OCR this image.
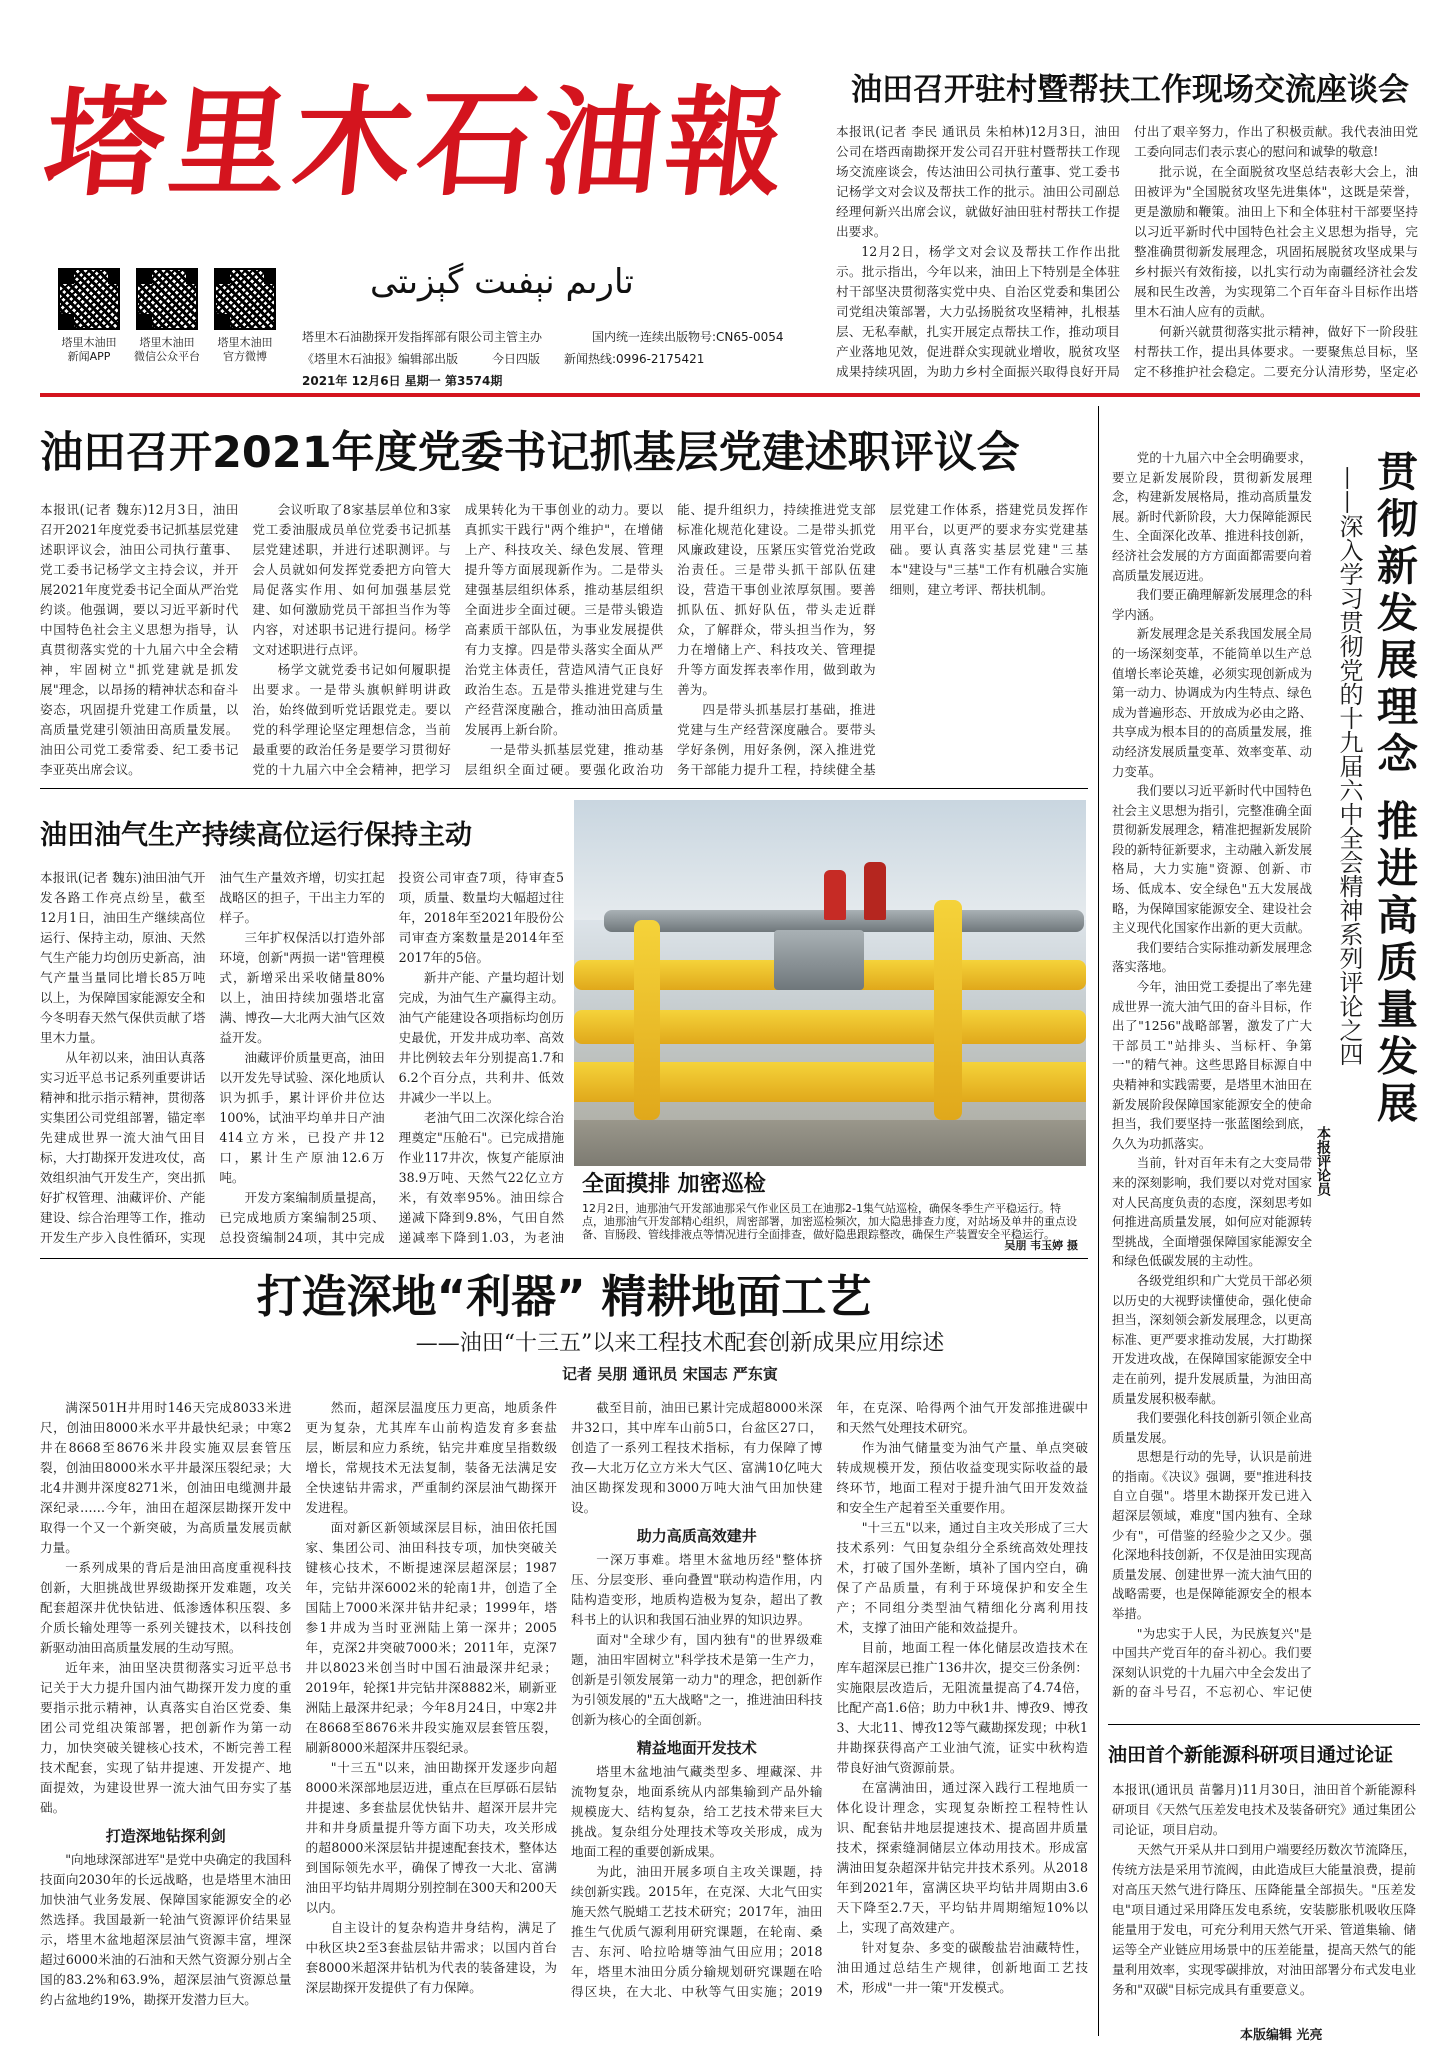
塔里木石油報
تارىم نېفىت گېزىتى
塔里木油田
新闻APP
塔里木油田
微信公众平台
塔里木油田
官方微博
塔里木石油勘探开发指挥部有限公司主管主办	国内统一连续出版物号:CN65-0054
《塔里木石油报》编辑部出版	今日四版 新闻热线:0996-2175421
2021年 12月6日 星期一 第3574期
油田召开驻村暨帮扶工作现场交流座谈会

本报讯(记者 李民 通讯员 朱柏林)12月3日，油田公司在塔西南勘探开发公司召开驻村暨帮扶工作现场交流座谈会，传达油田公司执行董事、党工委书记杨学文对会议及帮扶工作的批示。油田公司副总经理何新兴出席会议，就做好油田驻村帮扶工作提出要求。

12月2日，杨学文对会议及帮扶工作作出批示。批示指出，今年以来，油田上下特别是全体驻村干部坚决贯彻落实党中央、自治区党委和集团公司党组决策部署，大力弘扬脱贫攻坚精神，扎根基层、无私奉献，扎实开展定点帮扶工作，推动项目产业落地见效，促进群众实现就业增收，脱贫攻坚成果持续巩固，为助力乡村全面振兴取得良好开局付出了艰辛努力，作出了积极贡献。我代表油田党工委向同志们表示衷心的慰问和诚挚的敬意!

批示说，在全面脱贫攻坚总结表彰大会上，油田被评为"全国脱贫攻坚先进集体"，这既是荣誉，更是激励和鞭策。油田上下和全体驻村干部要坚持以习近平新时代中国特色社会主义思想为指导，完整准确贯彻新发展理念，巩固拓展脱贫攻坚成果与乡村振兴有效衔接，以扎实行动为南疆经济社会发展和民生改善，为实现第二个百年奋斗目标作出塔里木石油人应有的贡献。

何新兴就贯彻落实批示精神，做好下一阶段驻村帮扶工作，提出具体要求。一要聚焦总目标，坚定不移推护社会稳定。二要充分认清形势，坚定必

油田召开2021年度党委书记抓基层党建述职评议会

本报讯(记者 魏东)12月3日，油田召开2021年度党委书记抓基层党建述职评议会，油田公司执行董事、党工委书记杨学文主持会议，并开展2021年度党委书记全面从严治党约谈。他强调，要以习近平新时代中国特色社会主义思想为指导，认真贯彻落实党的十九届六中全会精神，牢固树立"抓党建就是抓发展"理念，以昂扬的精神状态和奋斗姿态，巩固提升党建工作质量，以高质量党建引领油田高质量发展。油田公司党工委常委、纪工委书记李亚英出席会议。

会议听取了8家基层单位和3家党工委油服成员单位党委书记抓基层党建述职，并进行述职测评。与会人员就如何发挥党委把方向管大局促落实作用、如何加强基层党建、如何激励党员干部担当作为等内容，对述职书记进行提问。杨学文对述职进行点评。

杨学文就党委书记如何履职提出要求。一是带头旗帜鲜明讲政治，始终做到听党话跟党走。要以党的科学理论坚定理想信念，当前最重要的政治任务是要学习贯彻好党的十九届六中全会精神，把学习成果转化为干事创业的动力。要以真抓实干践行"两个维护"，在增储上产、科技攻关、绿色发展、管理提升等方面展现新作为。二是带头建强基层组织体系，推动基层组织全面进步全面过硬。三是带头锻造高素质干部队伍，为事业发展提供有力支撑。四是带头落实全面从严治党主体责任，营造风清气正良好政治生态。五是带头推进党建与生产经营深度融合，推动油田高质量发展再上新台阶。

一是带头抓基层党建，推动基层组织全面过硬。要强化政治功能、提升组织力，持续推进党支部标准化规范化建设。二是带头抓党风廉政建设，压紧压实管党治党政治责任。三是带头抓干部队伍建设，营造干事创业浓厚氛围。要善抓队伍、抓好队伍，带头走近群众，了解群众，带头担当作为，努力在增储上产、科技攻关、管理提升等方面发挥表率作用，做到敢为善为。

四是带头抓基层打基础，推进党建与生产经营深度融合。要带头学好条例，用好条例，深入推进党务干部能力提升工程，持续健全基层党建工作体系，搭建党员发挥作用平台，以更严的要求夯实党建基础。要认真落实基层党建"三基本"建设与"三基"工作有机融合实施细则，建立考评、帮扶机制。

油田油气生产持续高位运行保持主动

本报讯(记者 魏东)油田油气开发各路工作亮点纷呈，截至12月1日，油田生产继续高位运行、保持主动，原油、天然气生产能力均创历史新高，油气产量当量同比增长85万吨以上，为保障国家能源安全和今冬明春天然气保供贡献了塔里木力量。

从年初以来，油田认真落实习近平总书记系列重要讲话精神和批示指示精神，贯彻落实集团公司党组部署，锚定率先建成世界一流大油气田目标，大打勘探开发进攻仗，高效组织油气开发生产，突出抓好扩权管理、油藏评价、产能建设、综合治理等工作，推动开发生产步入良性循环，实现油气生产量效齐增，切实扛起战略区的担子，干出主力军的样子。

三年扩权保活以打造外部环境，创新"两损一诺"管理模式，新增采出采收储量80%以上，油田持续加强塔北富满、博孜—大北两大油气区效益开发。

油藏评价质量更高，油田以开发先导试验、深化地质认识为抓手，累计评价井位达100%，试油平均单井日产油414立方米，已投产井12口，累计生产原油12.6万吨。

开发方案编制质量提高，已完成地质方案编制25项、总投资编制24项，其中完成投资公司审查7项，待审查5项，质量、数量均大幅超过往年，2018年至2021年股份公司审查方案数量是2014年至2017年的5倍。

新井产能、产量均超计划完成，为油气生产赢得主动。油气产能建设各项指标均创历史最优，开发井成功率、高效井比例较去年分别提高1.7和6.2个百分点，共利井、低效井减少一半以上。

老油气田二次深化综合治理奠定"压舱石"。已完成措施作业117井次，恢复产能原油38.9万吨、天然气22亿立方米，有效率95%。油田综合递减下降到9.8%，气田自然递减率下降到1.03，为老油

全面摸排 加密巡检
12月2日，迪那油气开发部迪那采气作业区员工在迪那2-1集气站巡检，确保冬季生产平稳运行。特点，迪那油气开发部精心组织，周密部署，加密巡检频次，加大隐患排查力度，对站场及单井的重点设备、盲肠段、管线排液点等情况进行全面排查，做好隐患跟踪整改，确保生产装置安全平稳运行。
吴朋 韦玉婷 摄
打造深地“利器” 精耕地面工艺
——油田“十三五”以来工程技术配套创新成果应用综述
记者 吴朋 通讯员 宋国志 严东寅

满深501H井用时146天完成8033米进尺，创油田8000米水平井最快纪录；中寒2井在8668至8676米井段实施双层套管压裂，创油田8000米水平井最深压裂纪录；大北4井测井深度8271米，创油田电缆测井最深纪录……今年，油田在超深层勘探开发中取得一个又一个新突破，为高质量发展贡献力量。

一系列成果的背后是油田高度重视科技创新，大胆挑战世界级勘探开发难题，攻关配套超深井优快钻进、低渗透体积压裂、多介质长输处理等一系列关键技术，以科技创新驱动油田高质量发展的生动写照。

近年来，油田坚决贯彻落实习近平总书记关于大力提升国内油气勘探开发力度的重要指示批示精神，认真落实自治区党委、集团公司党组决策部署，把创新作为第一动力，加快突破关键核心技术，不断完善工程技术配套，实现了钻井提速、开发提产、地面提效，为建设世界一流大油气田夯实了基础。

打造深地钻探利剑

"向地球深部进军"是党中央确定的我国科技面向2030年的长远战略，也是塔里木油田加快油气业务发展、保障国家能源安全的必然选择。我国最新一轮油气资源评价结果显示，塔里木盆地超深层油气资源丰富，埋深超过6000米油的石油和天然气资源分别占全国的83.2%和63.9%，超深层油气资源总量约占盆地约19%，勘探开发潜力巨大。

然而，超深层温度压力更高，地质条件更为复杂，尤其库车山前构造发育多套盐层，断层和应力系统，钻完井难度呈指数级增长，常规技术无法复制，装备无法满足安全快速钻井需求，严重制约深层油气勘探开发进程。

面对新区新领域深层目标，油田依托国家、集团公司、油田科技专项，加快突破关键核心技术，不断提速深层超深层；1987年，完钻井深6002米的轮南1井，创造了全国陆上7000米深井钻井纪录；1999年，塔参1井成为当时亚洲陆上第一深井；2005年，克深2井突破7000米；2011年，克深7井以8023米创当时中国石油最深井纪录；2019年，轮探1井完钻井深8882米，刷新亚洲陆上最深井纪录；今年8月24日，中寒2井在8668至8676米井段实施双层套管压裂，刷新8000米超深井压裂纪录。

"十三五"以来，油田勘探开发逐步向超8000米深部地层迈进，重点在巨厚砾石层钻井提速、多套盐层优快钻井、超深开层井完井和井身质量提升等方面下功夫，攻关形成的超8000米深层钻井提速配套技术，整体达到国际领先水平，确保了博孜一大北、富满油田平均钻井周期分别控制在300天和200天以内。

自主设计的复杂构造井身结构，满足了中秋区块2至3套盐层钻井需求；以国内首台套8000米超深井钻机为代表的装备建设，为深层勘探开发提供了有力保障。

截至目前，油田已累计完成超8000米深井32口，其中库车山前5口，台盆区27口，创造了一系列工程技术指标，有力保障了博孜—大北万亿立方米大气区、富满10亿吨大油区勘探发现和3000万吨大油气田加快建设。

助力高质高效建井

一深万事难。塔里木盆地历经"整体挤压、分层变形、垂向叠置"联动构造作用，内陆构造变形，地质构造极为复杂，超出了教科书上的认识和我国石油业界的知识边界。

面对"全球少有，国内独有"的世界级难题，油田牢固树立"科学技术是第一生产力，创新是引领发展第一动力"的理念，把创新作为引领发展的"五大战略"之一，推进油田科技创新为核心的全面创新。

精益地面开发技术

塔里木盆地油气藏类型多、埋藏深、井流物复杂，地面系统从内部集输到产品外输规模庞大、结构复杂，给工艺技术带来巨大挑战。复杂组分处理技术等攻关形成，成为地面工程的重要创新成果。

为此，油田开展多项自主攻关课题，持续创新实践。2015年，在克深、大北气田实施天然气脱蜡工艺技术研究；2017年，油田推生气优质气源利用研究课题，在轮南、桑吉、东河、哈拉哈塘等油气田应用；2018年，塔里木油田分质分输规划研究课题在哈得区块，在大北、中秋等气田实施；2019年，在克深、哈得两个油气开发部推进碳中和天然气处理技术研究。

作为油气储量变为油气产量、单点突破转成规模开发，预估收益变现实际收益的最终环节，地面工程对于提升油气田开发效益和安全生产起着至关重要作用。

"十三五"以来，通过自主攻关形成了三大技术系列：气田复杂组分全系统高效处理技术，打破了国外垄断，填补了国内空白，确保了产品质量，有利于环境保护和安全生产；不同组分类型油气精细化分离利用技术，支撑了油田产能和效益提升。

目前，地面工程一体化储层改造技术在库车超深层已推广136井次，提交三份条例：实施限层改造后，无阻流量提高了4.74倍，比配产高1.6倍；助力中秋1井、博孜9、博孜3、大北11、博孜12等气藏勘探发现；中秋1井勘探获得高产工业油气流，证实中秋构造带良好油气资源前景。

在富满油田，通过深入践行工程地质一体化设计理念，实现复杂断控工程特性认识、配套钻井地层提速技术、提高固井质量技术，探索缝洞储层立体动用技术。形成富满油田复杂超深井钻完井技术系列。从2018年到2021年，富满区块平均钻井周期由3.6天下降至2.7天，平均钻井周期缩短10%以上，实现了高效建产。

针对复杂、多变的碳酸盐岩油藏特性，油田通过总结生产规律，创新地面工艺技术，形成"一井一策"开发模式。

党的十九届六中全会明确要求，要立足新发展阶段，贯彻新发展理念，构建新发展格局，推动高质量发展。新时代新阶段，大力保障能源民生、全面深化改革、推进科技创新，经济社会发展的方方面面都需要向着高质量发展迈进。

我们要正确理解新发展理念的科学内涵。

新发展理念是关系我国发展全局的一场深刻变革，不能简单以生产总值增长率论英雄，必须实现创新成为第一动力、协调成为内生特点、绿色成为普遍形态、开放成为必由之路、共享成为根本目的的高质量发展，推动经济发展质量变革、效率变革、动力变革。

我们要以习近平新时代中国特色社会主义思想为指引，完整准确全面贯彻新发展理念，精准把握新发展阶段的新特征新要求，主动融入新发展格局，大力实施"资源、创新、市场、低成本、安全绿色"五大发展战略，为保障国家能源安全、建设社会主义现代化国家作出新的更大贡献。

我们要结合实际推动新发展理念落实落地。

今年，油田党工委提出了率先建成世界一流大油气田的奋斗目标，作出了"1256"战略部署，激发了广大干部员工"站排头、当标杆、争第一"的精气神。这些思路目标源自中央精神和实践需要，是塔里木油田在新发展阶段保障国家能源安全的使命担当，我们要坚持一张蓝图绘到底，久久为功抓落实。

当前，针对百年未有之大变局带来的深刻影响，我们要以对党对国家对人民高度负责的态度，深刻思考如何推进高质量发展，如何应对能源转型挑战，全面增强保障国家能源安全和绿色低碳发展的主动性。

各级党组织和广大党员干部必须以历史的大视野读懂使命，强化使命担当，深刻领会新发展理念，以更高标准、更严要求推动发展，大打勘探开发进攻战，在保障国家能源安全中走在前列，提升发展质量，为油田高质量发展积极奉献。

我们要强化科技创新引领企业高质量发展。

思想是行动的先导，认识是前进的指南。《决议》强调，要"推进科技自立自强"。塔里木勘探开发已进入超深层领域，难度"国内独有、全球少有"，可借鉴的经验少之又少。强化深地科技创新，不仅是油田实现高质量发展、创建世界一流大油气田的战略需要，也是保障能源安全的根本举措。

"为忠实于人民，为民族复兴"是中国共产党百年的奋斗初心。我们要深刻认识党的十九届六中全会发出了新的奋斗号召，不忘初心、牢记使

贯彻新发展理念 推进高质量发展
——深入学习贯彻党的十九届六中全会精神系列评论之四
本报评论员
油田首个新能源科研项目通过论证

本报讯(通讯员 苗馨月)11月30日，油田首个新能源科研项目《天然气压差发电技术及装备研究》通过集团公司论证，项目启动。

天然气开采从井口到用户端要经历数次节流降压，传统方法是采用节流阀，由此造成巨大能量浪费，提前对高压天然气进行降压、压降能量全部损失。"压差发电"项目通过采用降压发电系统，安装膨胀机吸收压降能量用于发电，可充分利用天然气开采、管道集输、储运等全产业链应用场景中的压差能量，提高天然气的能量利用效率，实现零碳排放，对油田部署分布式发电业务和"双碳"目标完成具有重要意义。

本版编辑 光亮
